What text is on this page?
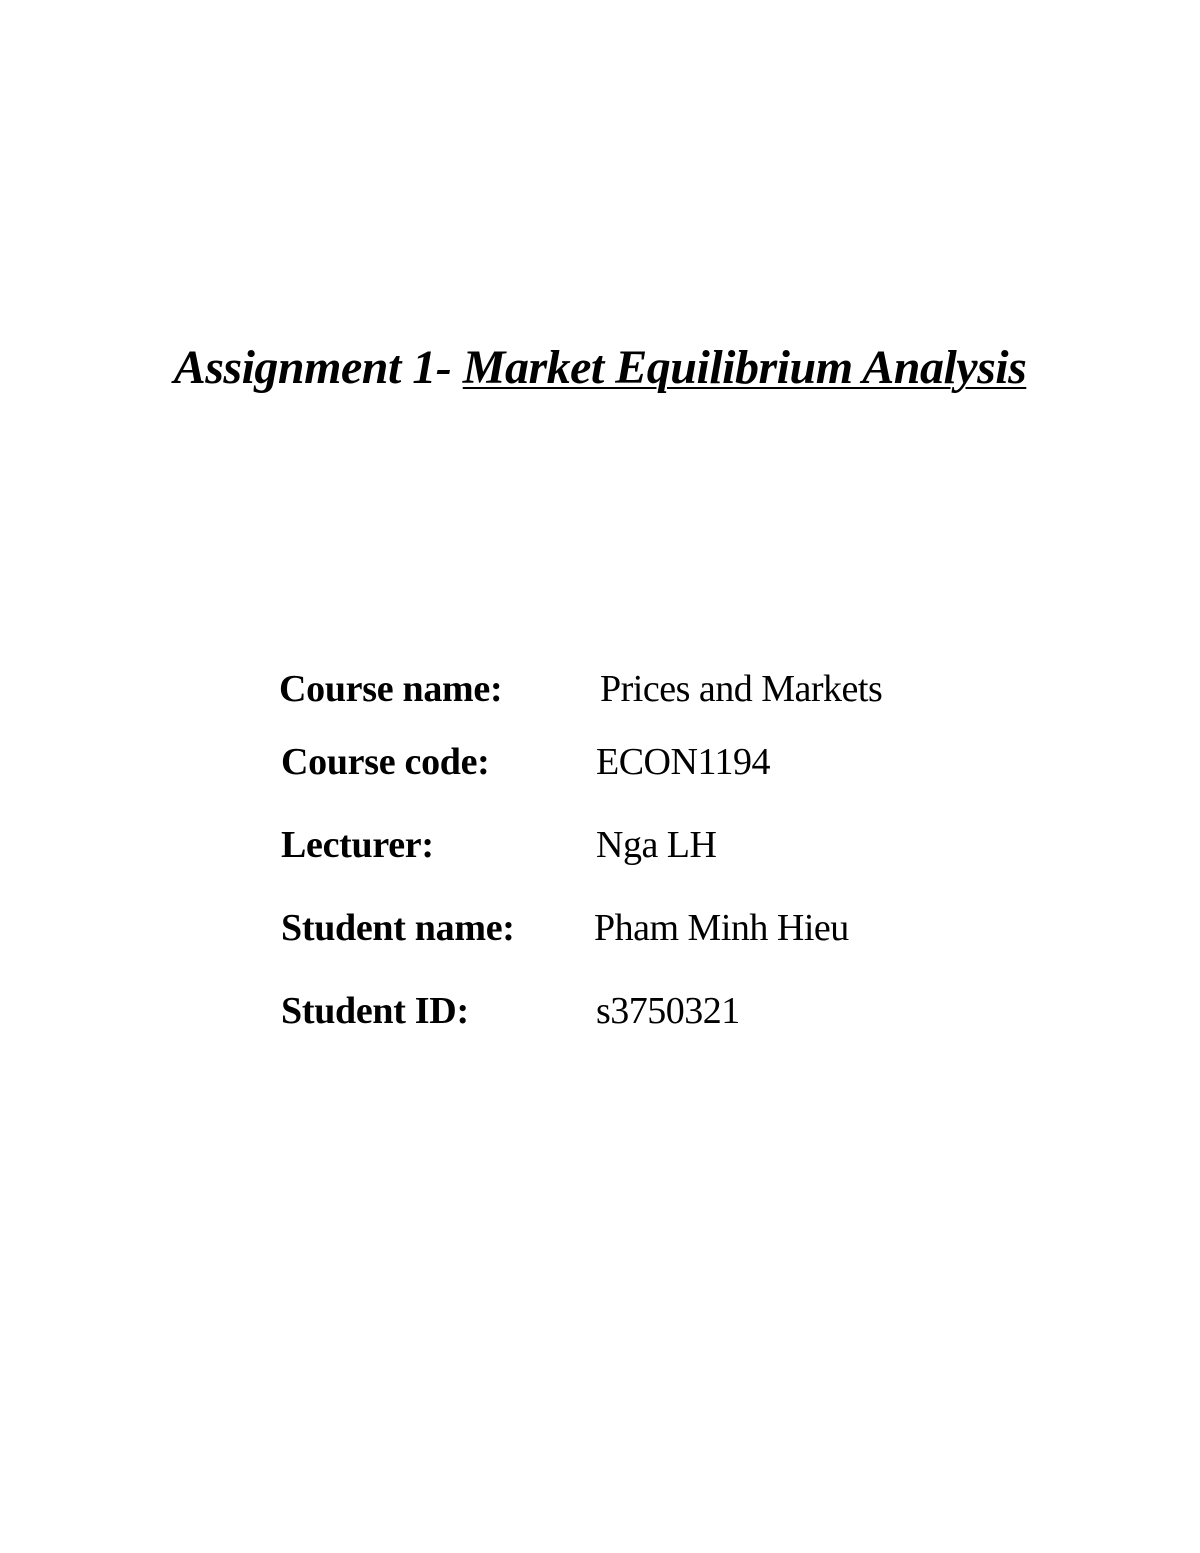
Assignment 1- Market Equilibrium Analysis
Course name:	Prices and Markets
Course code:	ECON1194
Lecturer:	Nga LH
Student name: Pham Minh Hieu
Student ID:	s3750321
